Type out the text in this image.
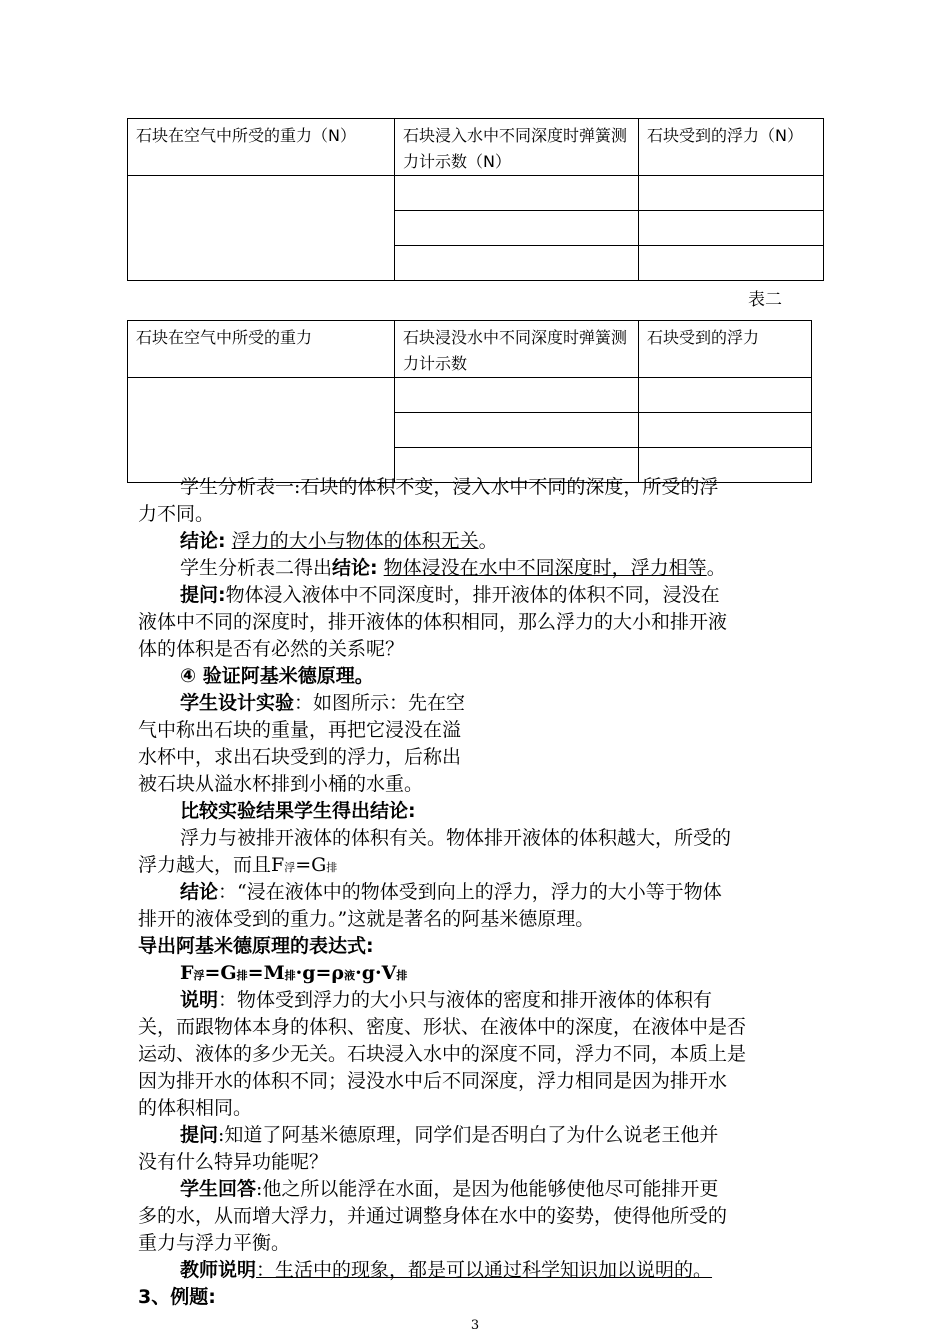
石块在空气中所受的重力（N）	石块浸入水中不同深度时弹簧测力计示数（N）	石块受到的浮力（N）

表二
石块在空气中所受的重力	石块浸没水中不同深度时弹簧测力计示数	石块受到的浮力

学生分析表一:石块的体积不变，浸入水中不同的深度，所受的浮
力不同。
结论: 浮力的大小与物体的体积无关。
学生分析表二得出结论: 物体浸没在水中不同深度时，浮力相等。
提问:物体浸入液体中不同深度时，排开液体的体积不同，浸没在
液体中不同的深度时，排开液体的体积相同，那么浮力的大小和排开液
体的体积是否有必然的关系呢？
④ 验证阿基米德原理。
学生设计实验：如图所示：先在空
气中称出石块的重量，再把它浸没在溢
水杯中，求出石块受到的浮力，后称出
被石块从溢水杯排到小桶的水重。
比较实验结果学生得出结论:
浮力与被排开液体的体积有关。物体排开液体的体积越大，所受的
浮力越大，而且F浮=G排
结论：“浸在液体中的物体受到向上的浮力，浮力的大小等于物体
排开的液体受到的重力。”这就是著名的阿基米德原理。
导出阿基米德原理的表达式:
F浮=G排=M排·g=ρ液·g·V排
说明：物体受到浮力的大小只与液体的密度和排开液体的体积有
关，而跟物体本身的体积、密度、形状、在液体中的深度，在液体中是否
运动、液体的多少无关。石块浸入水中的深度不同，浮力不同，本质上是
因为排开水的体积不同；浸没水中后不同深度，浮力相同是因为排开水
的体积相同。
提问:知道了阿基米德原理，同学们是否明白了为什么说老王他并
没有什么特异功能呢？
3
学生回答:他之所以能浮在水面，是因为他能够使他尽可能排开更
多的水，从而增大浮力，并通过调整身体在水中的姿势，使得他所受的
重力与浮力平衡。
教师说明：生活中的现象，都是可以通过科学知识加以说明的。
3、例题:
